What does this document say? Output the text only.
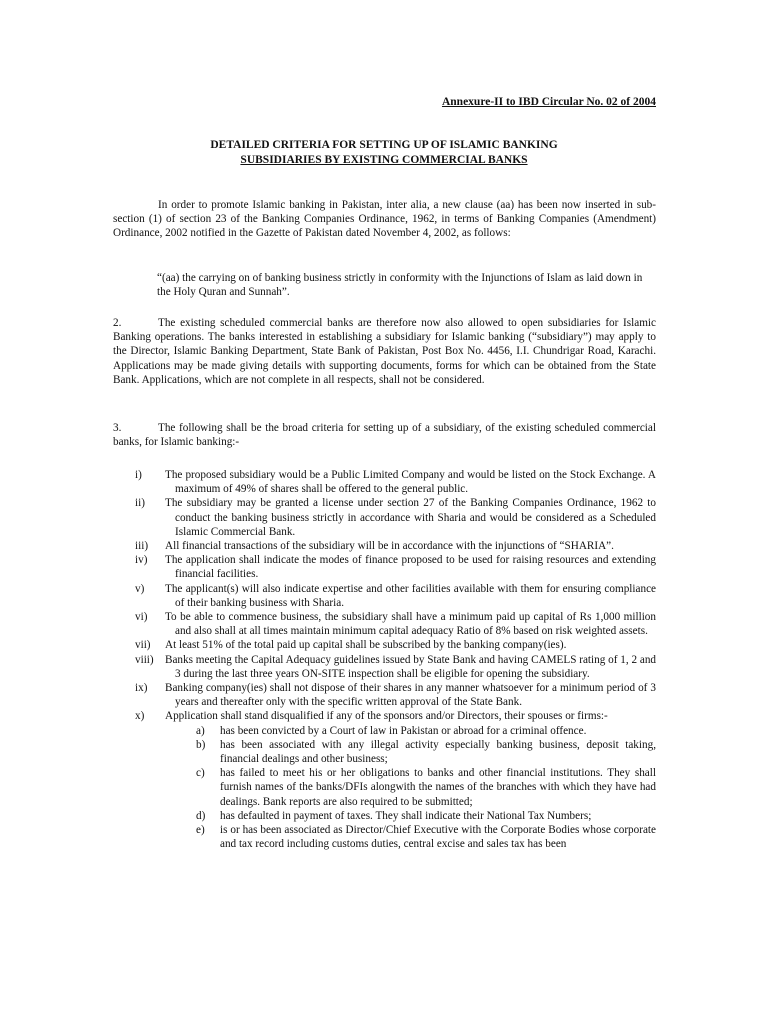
Annexure-II to IBD Circular No. 02 of 2004
DETAILED CRITERIA FOR SETTING UP OF ISLAMIC BANKING
SUBSIDIARIES BY EXISTING COMMERCIAL BANKS
In order to promote Islamic banking in Pakistan, inter alia, a new clause (aa) has been now inserted in sub-section (1) of section 23 of the Banking Companies Ordinance, 1962, in terms of Banking Companies (Amendment) Ordinance, 2002 notified in the Gazette of Pakistan dated November 4, 2002, as follows:
“(aa) the carrying on of banking business strictly in conformity with the Injunctions of Islam as laid down in the Holy Quran and Sunnah”.
2.	The existing scheduled commercial banks are therefore now also allowed to open subsidiaries for Islamic Banking operations. The banks interested in establishing a subsidiary for Islamic banking (“subsidiary”) may apply to the Director, Islamic Banking Department, State Bank of Pakistan, Post Box No. 4456, I.I. Chundrigar Road, Karachi. Applications may be made giving details with supporting documents, forms for which can be obtained from the State Bank. Applications, which are not complete in all respects, shall not be considered.
3.	The following shall be the broad criteria for setting up of a subsidiary, of the existing scheduled commercial banks, for Islamic banking:-
i) The proposed subsidiary would be a Public Limited Company and would be listed on the Stock Exchange. A maximum of 49% of shares shall be offered to the general public.
ii) The subsidiary may be granted a license under section 27 of the Banking Companies Ordinance, 1962 to conduct the banking business strictly in accordance with Sharia and would be considered as a Scheduled Islamic Commercial Bank.
iii) All financial transactions of the subsidiary will be in accordance with the injunctions of “SHARIA”.
iv) The application shall indicate the modes of finance proposed to be used for raising resources and extending financial facilities.
v) The applicant(s) will also indicate expertise and other facilities available with them for ensuring compliance of their banking business with Sharia.
vi) To be able to commence business, the subsidiary shall have a minimum paid up capital of Rs 1,000 million and also shall at all times maintain minimum capital adequacy Ratio of 8% based on risk weighted assets.
vii) At least 51% of the total paid up capital shall be subscribed by the banking company(ies).
viii) Banks meeting the Capital Adequacy guidelines issued by State Bank and having CAMELS rating of 1, 2 and 3 during the last three years ON-SITE inspection shall be eligible for opening the subsidiary.
ix) Banking company(ies) shall not dispose of their shares in any manner whatsoever for a minimum period of 3 years and thereafter only with the specific written approval of the State Bank.
x) Application shall stand disqualified if any of the sponsors and/or Directors, their spouses or firms:-
a) has been convicted by a Court of law in Pakistan or abroad for a criminal offence.
b) has been associated with any illegal activity especially banking business, deposit taking, financial dealings and other business;
c) has failed to meet his or her obligations to banks and other financial institutions. They shall furnish names of the banks/DFIs alongwith the names of the branches with which they have had dealings. Bank reports are also required to be submitted;
d) has defaulted in payment of taxes. They shall indicate their National Tax Numbers;
e) is or has been associated as Director/Chief Executive with the Corporate Bodies whose corporate and tax record including customs duties, central excise and sales tax has been
